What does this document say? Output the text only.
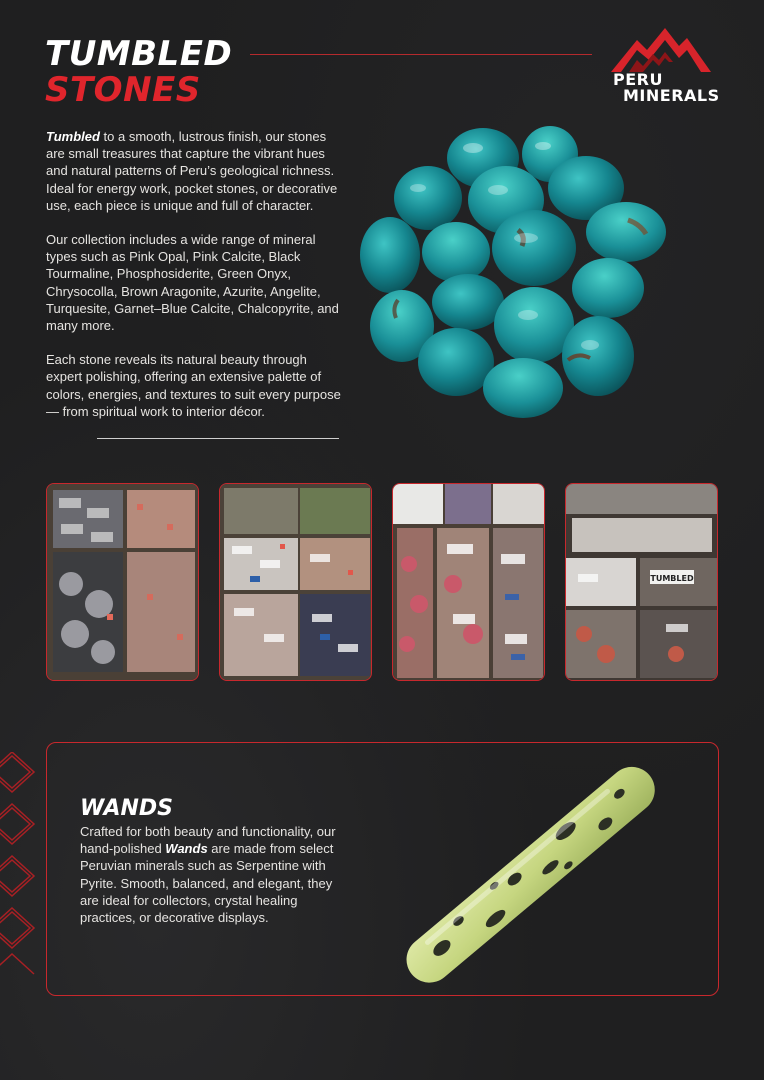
TUMBLED
STONES	PERU
MINERALS

Tumbled to a smooth, lustrous finish, our stones are small treasures that capture the vibrant hues and natural patterns of Peru’s geological richness. Ideal for energy work, pocket stones, or decorative use, each piece is unique and full of character.

Our collection includes a wide range of mineral types such as Pink Opal, Pink Calcite, Black Tourmaline, Phosphosiderite, Green Onyx, Chrysocolla, Brown Aragonite, Azurite, Angelite, Turquesite, Garnet–Blue Calcite, Chalcopyrite, and many more.

Each stone reveals its natural beauty through expert polishing, offering an extensive palette of colors, energies, and textures to suit every purpose — from spiritual work to interior décor.

TUMBLED
WANDS
Crafted for both beauty and functionality, our hand-polished Wands are made from select Peruvian minerals such as Serpentine with Pyrite. Smooth, balanced, and elegant, they are ideal for collectors, crystal healing practices, or decorative displays.
